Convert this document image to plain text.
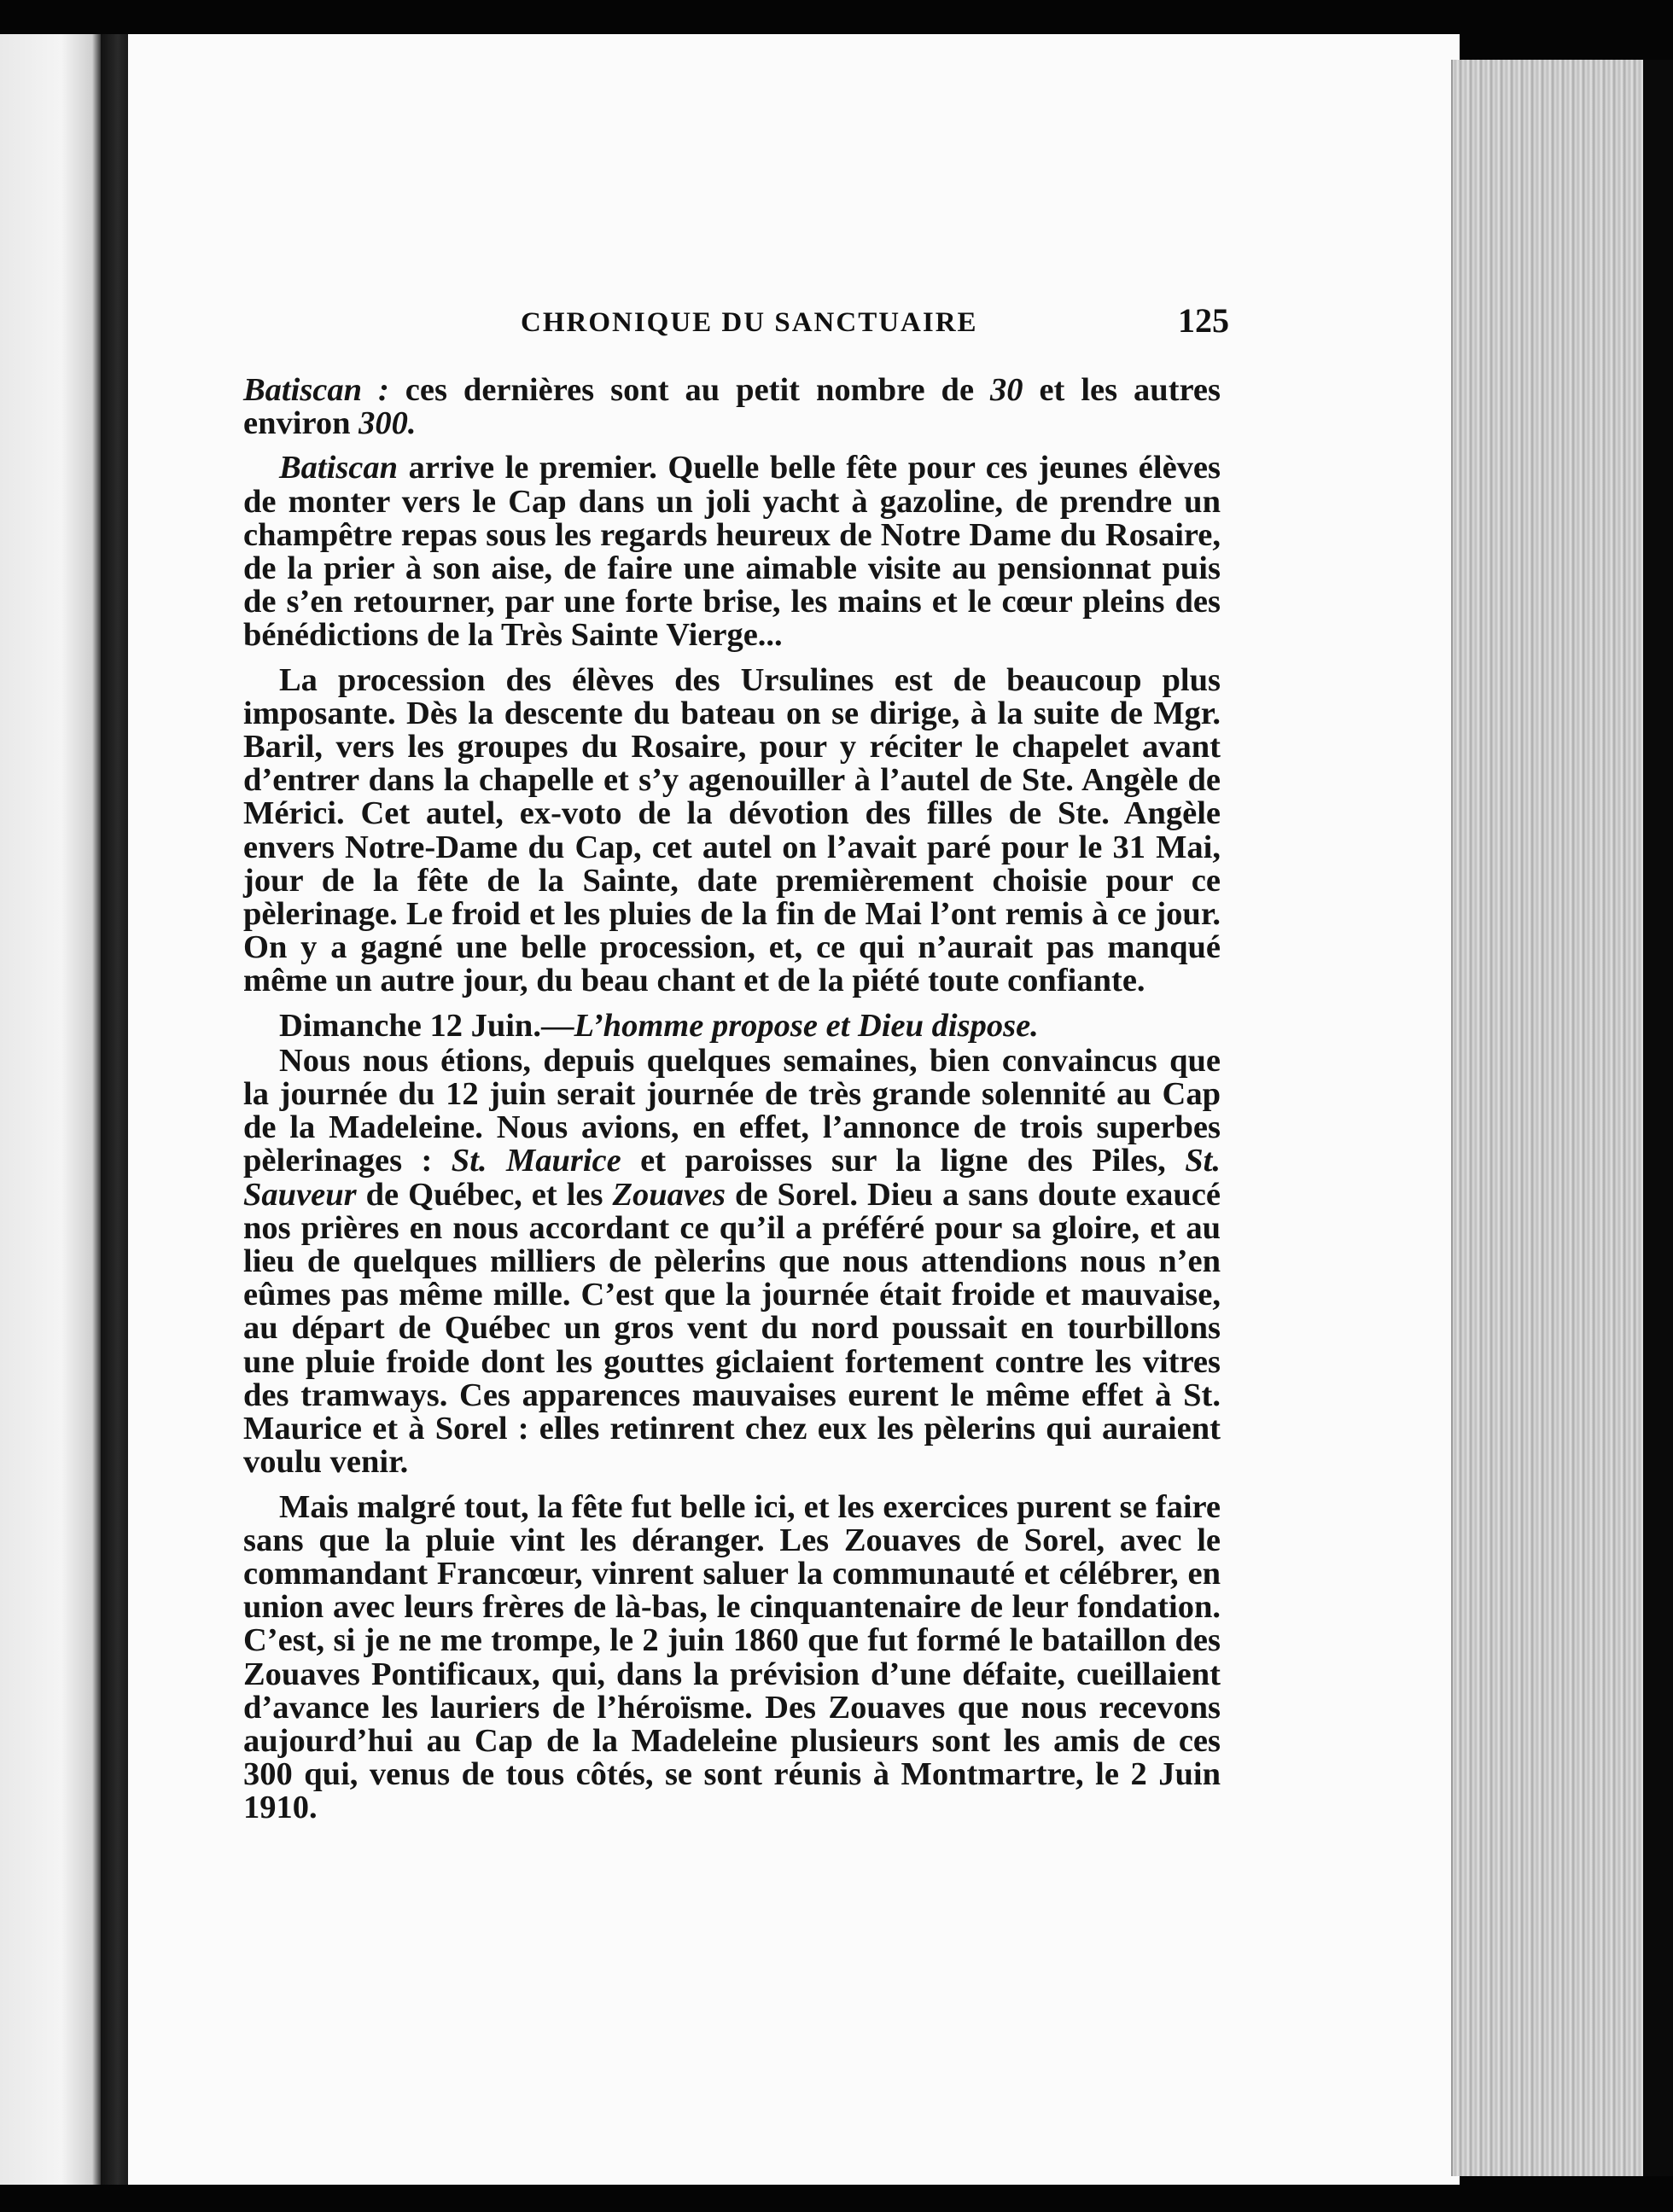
CHRONIQUE DU SANCTUAIRE	125

Batiscan : ces dernières sont au petit nombre de 30 et les autres environ 300.

Batiscan arrive le premier. Quelle belle fête pour ces jeunes élèves de monter vers le Cap dans un joli yacht à gazoline, de prendre un champêtre repas sous les regards heureux de Notre Dame du Rosaire, de la prier à son aise, de faire une aimable visite au pensionnat puis de s’en retourner, par une forte brise, les mains et le cœur pleins des bénédictions de la Très Sainte Vierge...

La procession des élèves des Ursulines est de beaucoup plus imposante. Dès la descente du bateau on se dirige, à la suite de Mgr. Baril, vers les groupes du Rosaire, pour y réciter le chapelet avant d’entrer dans la chapelle et s’y agenouiller à l’autel de Ste. Angèle de Mérici. Cet autel, ex-voto de la dévotion des filles de Ste. Angèle envers Notre-Dame du Cap, cet autel on l’avait paré pour le 31 Mai, jour de la fête de la Sainte, date premièrement choisie pour ce pèlerinage. Le froid et les pluies de la fin de Mai l’ont remis à ce jour. On y a gagné une belle procession, et, ce qui n’aurait pas manqué même un autre jour, du beau chant et de la piété toute confiante.

Dimanche 12 Juin.—L’homme propose et Dieu dispose.

Nous nous étions, depuis quelques semaines, bien convaincus que la journée du 12 juin serait journée de très grande solennité au Cap de la Madeleine. Nous avions, en effet, l’annonce de trois superbes pèlerinages : St. Maurice et paroisses sur la ligne des Piles, St. Sauveur de Québec, et les Zouaves de Sorel. Dieu a sans doute exaucé nos prières en nous accordant ce qu’il a préféré pour sa gloire, et au lieu de quelques milliers de pèlerins que nous attendions nous n’en eûmes pas même mille. C’est que la journée était froide et mauvaise, au départ de Québec un gros vent du nord poussait en tourbillons une pluie froide dont les gouttes giclaient fortement contre les vitres des tramways. Ces apparences mauvaises eurent le même effet à St. Maurice et à Sorel : elles retinrent chez eux les pèlerins qui auraient voulu venir.

Mais malgré tout, la fête fut belle ici, et les exercices purent se faire sans que la pluie vint les déranger. Les Zouaves de Sorel, avec le commandant Francœur, vinrent saluer la communauté et célébrer, en union avec leurs frères de là-bas, le cinquantenaire de leur fondation. C’est, si je ne me trompe, le 2 juin 1860 que fut formé le bataillon des Zouaves Pontificaux, qui, dans la prévision d’une défaite, cueillaient d’avance les lauriers de l’héroïsme. Des Zouaves que nous recevons aujourd’hui au Cap de la Madeleine plusieurs sont les amis de ces 300 qui, venus de tous côtés, se sont réunis à Montmartre, le 2 Juin 1910.
